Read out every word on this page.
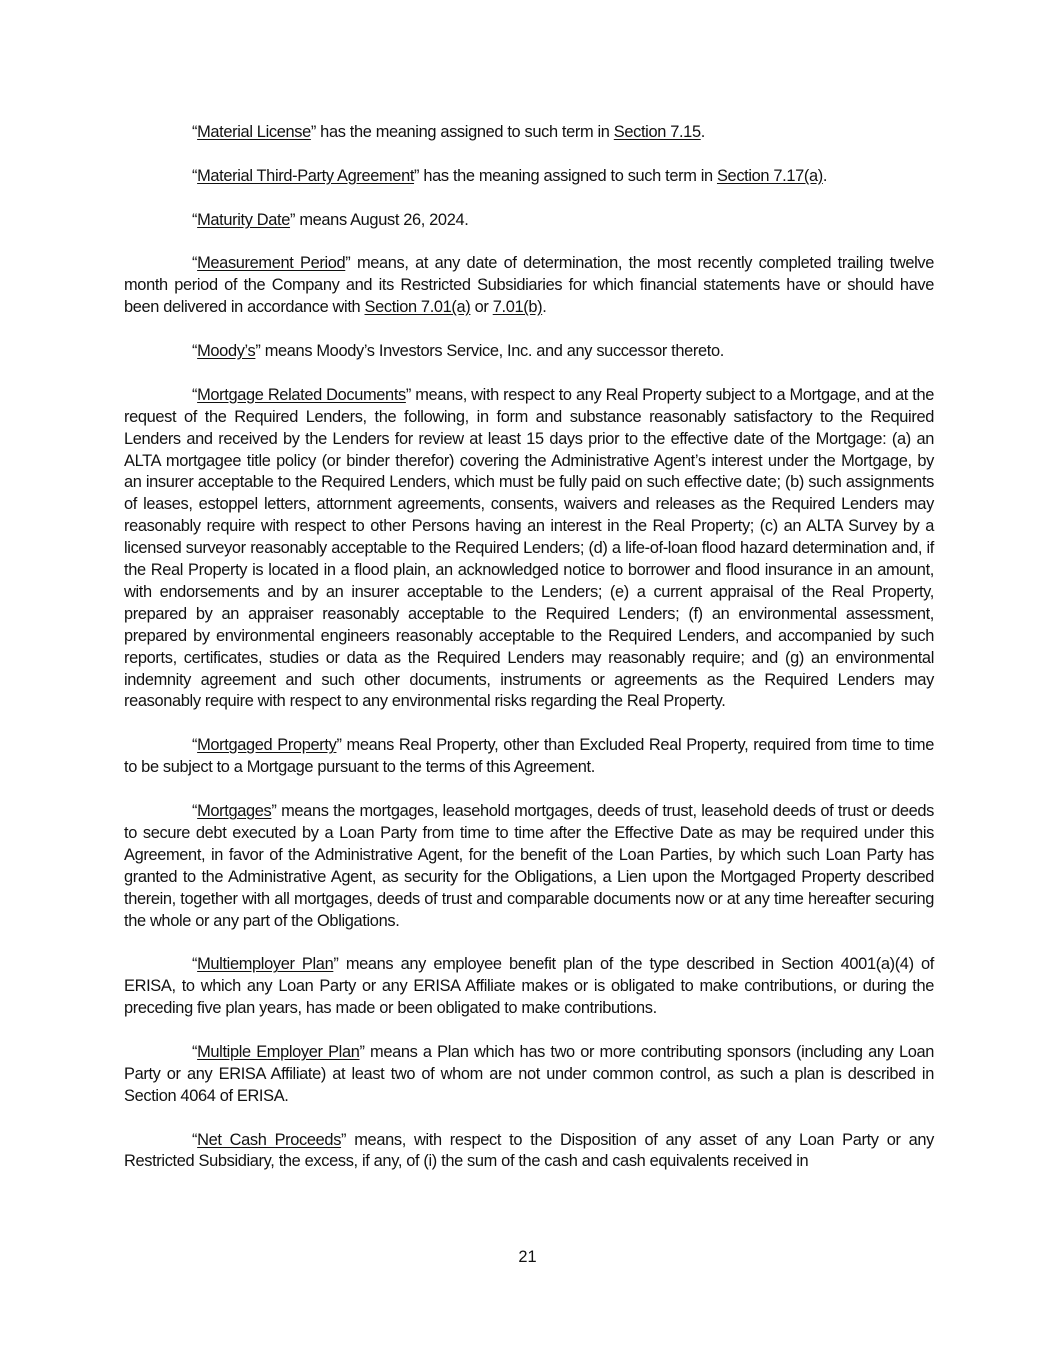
“Material License” has the meaning assigned to such term in Section 7.15.

“Material Third-Party Agreement” has the meaning assigned to such term in Section 7.17(a).

“Maturity Date” means August 26, 2024.

“Measurement Period” means, at any date of determination, the most recently completed trailing twelve month period of the Company and its Restricted Subsidiaries for which financial statements have or should have been delivered in accordance with Section 7.01(a) or 7.01(b).

“Moody’s” means Moody’s Investors Service, Inc. and any successor thereto.

“Mortgage Related Documents” means, with respect to any Real Property subject to a Mortgage, and at the request of the Required Lenders, the following, in form and substance reasonably satisfactory to the Required Lenders and received by the Lenders for review at least 15 days prior to the effective date of the Mortgage: (a) an ALTA mortgagee title policy (or binder therefor) covering the Administrative Agent’s interest under the Mortgage, by an insurer acceptable to the Required Lenders, which must be fully paid on such effective date; (b) such assignments of leases, estoppel letters, attornment agreements, consents, waivers and releases as the Required Lenders may reasonably require with respect to other Persons having an interest in the Real Property; (c) an ALTA Survey by a licensed surveyor reasonably acceptable to the Required Lenders; (d) a life-of-loan flood hazard determination and, if the Real Property is located in a flood plain, an acknowledged notice to borrower and flood insurance in an amount, with endorsements and by an insurer acceptable to the Lenders; (e) a current appraisal of the Real Property, prepared by an appraiser reasonably acceptable to the Required Lenders; (f) an environmental assessment, prepared by environmental engineers reasonably acceptable to the Required Lenders, and accompanied by such reports, certificates, studies or data as the Required Lenders may reasonably require; and (g) an environmental indemnity agreement and such other documents, instruments or agreements as the Required Lenders may reasonably require with respect to any environmental risks regarding the Real Property.

“Mortgaged Property” means Real Property, other than Excluded Real Property, required from time to time to be subject to a Mortgage pursuant to the terms of this Agreement.

“Mortgages” means the mortgages, leasehold mortgages, deeds of trust, leasehold deeds of trust or deeds to secure debt executed by a Loan Party from time to time after the Effective Date as may be required under this Agreement, in favor of the Administrative Agent, for the benefit of the Loan Parties, by which such Loan Party has granted to the Administrative Agent, as security for the Obligations, a Lien upon the Mortgaged Property described therein, together with all mortgages, deeds of trust and comparable documents now or at any time hereafter securing the whole or any part of the Obligations.

“Multiemployer Plan” means any employee benefit plan of the type described in Section 4001(a)(4) of ERISA, to which any Loan Party or any ERISA Affiliate makes or is obligated to make contributions, or during the preceding five plan years, has made or been obligated to make contributions.

“Multiple Employer Plan” means a Plan which has two or more contributing sponsors (including any Loan Party or any ERISA Affiliate) at least two of whom are not under common control, as such a plan is described in Section 4064 of ERISA.

“Net Cash Proceeds” means, with respect to the Disposition of any asset of any Loan Party or any Restricted Subsidiary, the excess, if any, of (i) the sum of the cash and cash equivalents received in

21
